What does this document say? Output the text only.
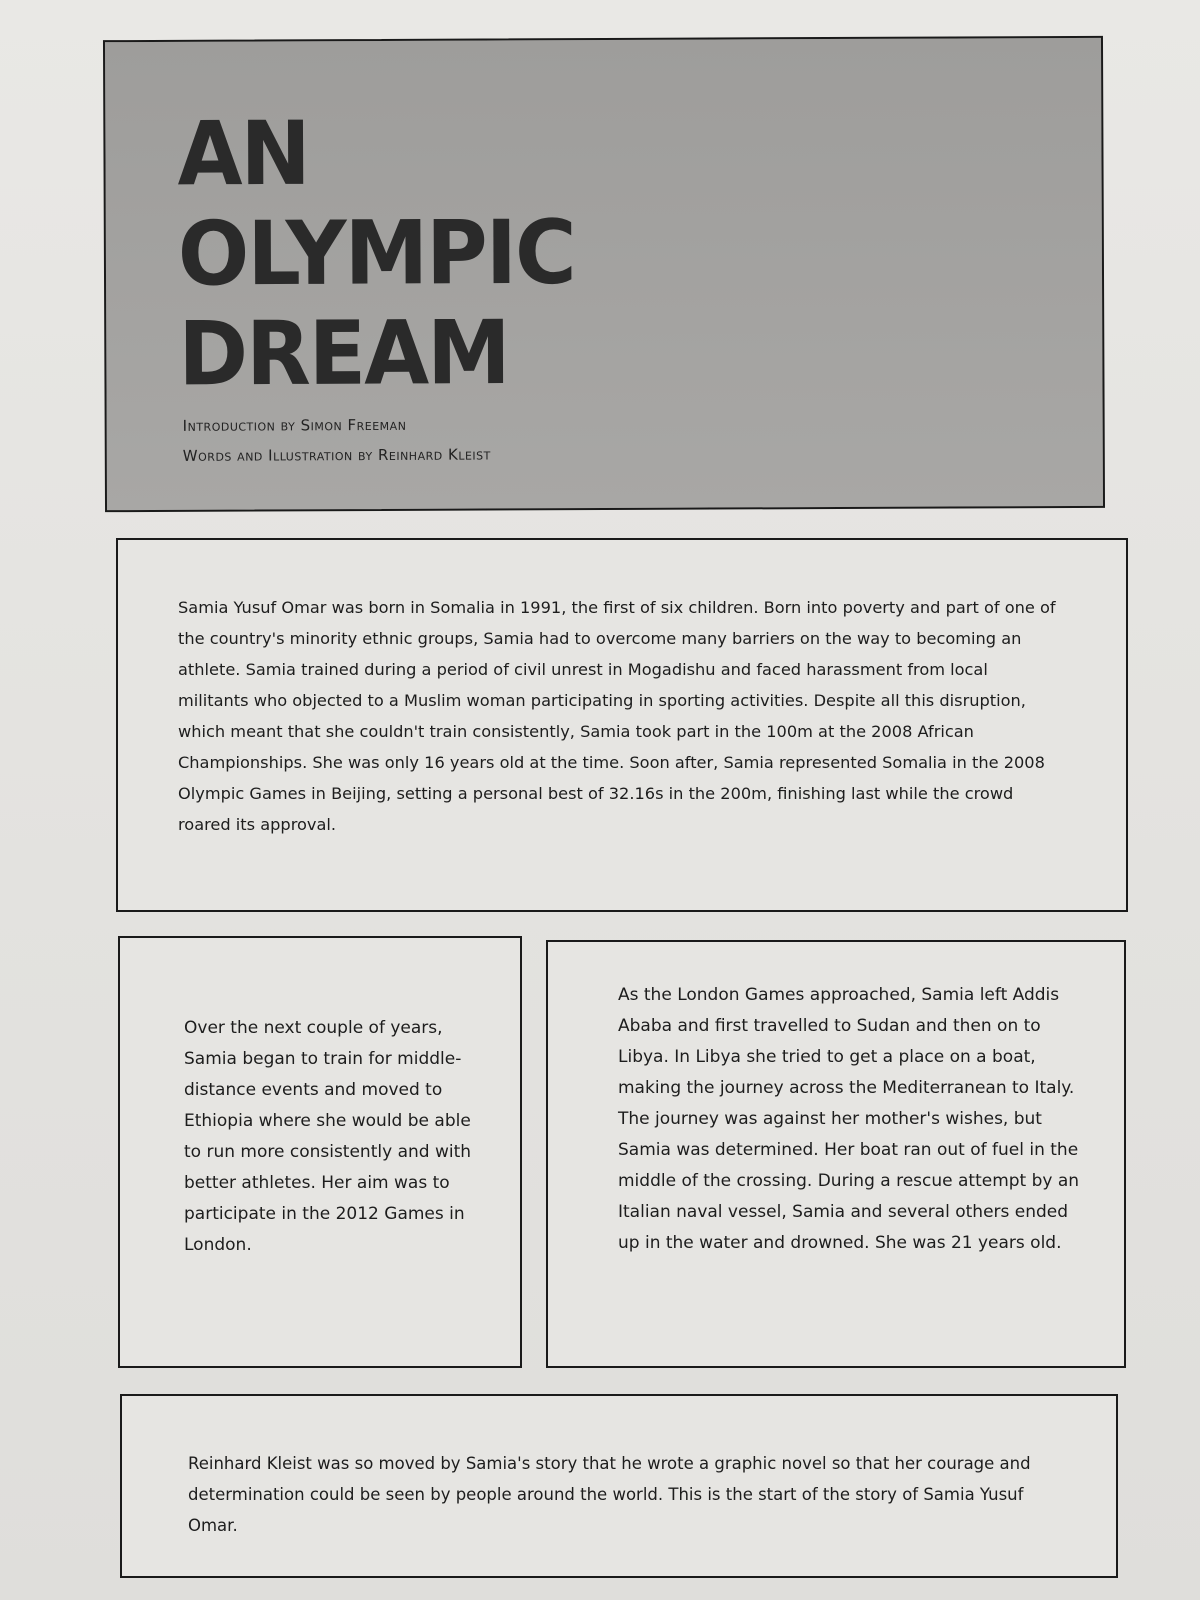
AN
OLYMPIC
DREAM
Introduction by Simon Freeman
Words and Illustration by Reinhard Kleist

Samia Yusuf Omar was born in Somalia in 1991, the first of six children. Born into poverty and part of one of the country's minority ethnic groups, Samia had to overcome many barriers on the way to becoming an athlete. Samia trained during a period of civil unrest in Mogadishu and faced harassment from local militants who objected to a Muslim woman participating in sporting activities. Despite all this disruption, which meant that she couldn't train consistently, Samia took part in the 100m at the 2008 African Championships. She was only 16 years old at the time. Soon after, Samia represented Somalia in the 2008 Olympic Games in Beijing, setting a personal best of 32.16s in the 200m, finishing last while the crowd roared its approval.

Over the next couple of years, Samia began to train for middle-distance events and moved to Ethiopia where she would be able to run more consistently and with better athletes. Her aim was to participate in the 2012 Games in London.

As the London Games approached, Samia left Addis Ababa and first travelled to Sudan and then on to Libya. In Libya she tried to get a place on a boat, making the journey across the Mediterranean to Italy. The journey was against her mother's wishes, but Samia was determined. Her boat ran out of fuel in the middle of the crossing. During a rescue attempt by an Italian naval vessel, Samia and several others ended up in the water and drowned. She was 21 years old.

Reinhard Kleist was so moved by Samia's story that he wrote a graphic novel so that her courage and determination could be seen by people around the world. This is the start of the story of Samia Yusuf Omar.
